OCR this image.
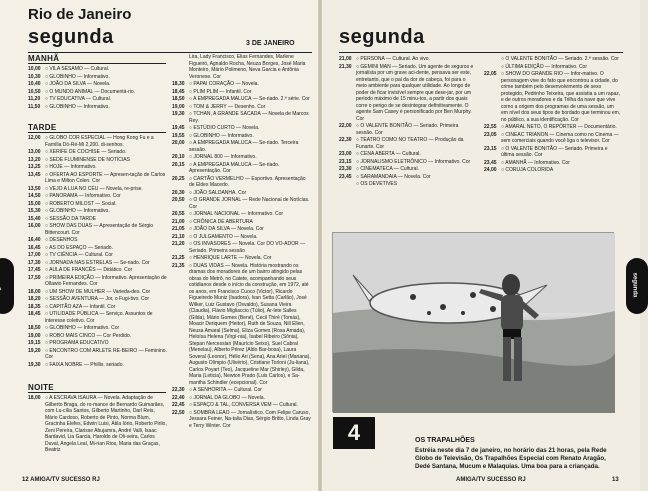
Rio de Janeiro
segunda	3 DE JANEIRO
MANHÃ
10,00 ○ VILA SÉSAMO — Cultural.
10,30 ○ GLOBINHO — Informativo.
10,40 ○ JOÃO DA SILVA — Novela.
10,50 ○ O MUNDO ANIMAL — Documentá-rio.
11,20 ○ TV EDUCATIVA — Cultural.
11,50 ○ GLOBINHO — Informativo.
TARDE
12,00 ○ GLOBO COR ESPECIAL — Hong Kong Fu e a Família Dó-Ré-Mi 2,200. di-senhos.
13,00 ○ XERIFE DE COCHISE — Seriado.
13,20 ○ SEDE FLUMINENSE DE NOTÍCIAS
13,25 ○ HOJE — Informativo.
13,45 ○ OFERTA AO ESPORTE — Apresen-tação de Carlos Lima e Milton Colen. Cor
13,50 ○ VEJO A LUA NO CÉU — Novela, re-prise.
14,50 ○ PANORAMA — Informativo. Cor
15,00 ○ ROBERTO MILOST — Social.
15,30 ○ GLOBINHO — Informativo.
15,40 ○ SESSÃO DA TARDE
16,00 ○ SHOW DAS DUAS — Apresentação de Sérgio Bittencourt. Cor
16,40 ○ DESENHOS
16,45 ○ AS DO ESPAÇO — Seriado.
17,00 ○ TV CIÊNCIA — Cultural. Cor
17,30 ○ JORNADA NAS ESTRELAS — Se-riado. Cor
17,45 ○ AULA DE FRANCÊS — Didático. Cor
17,50 ○ PRIMEIRA EDIÇÃO — Informativo. Apresentação de Ollawio Fernandes. Cor
18,00 ○ UM SHOW DE MULHER — Varieda-des. Cor
18,20 ○ SESSÃO AVENTURA — Jor, o Fugi-tivo. Cor
18,35 ○ CAPITÃO AZA — Infantil. Cor
18,45 ○ UTILIDADE PÚBLICA — Serviço. Assuntos de interesse coletivo. Cor
18,50 ○ GLOBINHO — Informativo. Cor
19,00 ○ ROBO MAIS CINCO — Cor Perdido.
19,15 ○ PROGRAMA EDUCATIVO
19,20 ○ ENCONTRO COM ARLETE RE-BEIRO — Feminino. Cor
19,30 ○ FAIXA NOBRE — Phillis. seriado.
NOITE
18,00 ○ A ESCRAVA ISAURA — Novela. Adaptação de Gilberto Braga, do ro-mance de Bernardo Guimarães, com Lu-cília Santos, Gilberto Martinho, Darl Reis, Mário Cardoso, Roberto de Pinto, Norma Blum, Gracinha Elefes, Edwin Luisi, Átila Iório, Roberto Pirilo, Zeni Pereira, Clarisse Abujamra, André Valli, Isaac Bardavid, Lia Garcia, Haroldo de Oli-veira, Carlos Duval, Angela Leal, Mi-rian Rios, Maria das Graças, Beatriz
Lira, Lady Francisco, Elias Fernandes, Marlene Figueiró, Agnaldo Rocha, Neuza Borges, José Maria Monteiro, Mário Polimeno, Neva Garcia e Antônia Veronese. Cor
18,30 ○ PAPAI CORAÇÃO — Novela.
18,45 ○ PLIM PLIM — Infantil. Cor
18,50 ○ A EMPREGADA MALUCA — Se-riado. 2.ª série. Cor
19,00 ○ TOM & JERRY — Desenho. Cor
19,30 ○ TCHAN, A GRANDE SACADA — Novela de Marcos Rey.
19,45 ○ ESTÚDIO CURTO — Novela.
19,55 ○ GLOBINHO — Informativo.
20,00 ○ A EMPREGADA MALUCA — Se-riado. Terceira sessão.
20,10 ○ JORNAL 800 — Informativo.
20,15 ○ A EMPREGADA MALUCA — Se-riado. Apresentação. Cor
20,25 ○ CARTÃO VERMELHO — Esportivo. Apresentação de Eldes Macedo.
20,30 ○ JOÃO SALDANHA. Cor
20,50 ○ O GRANDE JORNAL — Rede Nacional de Notícias. Cor
20,55 ○ JORNAL NACIONAL — Informativo. Cor
21,00 ○ CRÔNICA DE ABERTURA
21,05 ○ JOÃO DA SILVA — Novela. Cor
21,10 ○ O JULGAMENTO — Novela.
21,20 ○ OS INVASORES — Novela. Cor DO VO-ADOR — Seriado. Primeira sessão
21,25 ○ HENRIQUE LARTE — Novela. Cor
21,35 ○ DUAS VIDAS — Novela. História mostrando os dramas dos moradores de um bairro atingido pelas obras do Metrô, no Catete, acompanhando seus cotidianos desde o início da construção, em 1972, até os anos, em Francisco Cuoco (Victor), Ricardo Figueiredo Muniz (Isadora), Ivan Setta (Carlão), José Wilker, Luiz Gustavo (Osvaldo), Susana Vieira (Claudia), Flávio Migliaccio (Túlio), Ar-lete Salles (Gilda), Mário Gomes (Bené), Cecil Thiré (Tomás), Moacir Deriquem (Heitor), Ruth de Souza, Nill Ellen, Neusa Amaral (Selma), Eliza Gomes (Rosa Amada), Heloísa Helena (Virgí-nia), Isabel Ribeiro (Sônia), Stepan Nercessian (Maurício Seixo), Suel Cabral (Menelau), Alberto Pérez (Aldo Bar-bosa), Laura Soveral (Leonor), Hélio Ari (Sena), Ana Ariel (Mariana), Augusto Olímpio (Ulivério), Cristiane Torloni (Ju-liana), Carlos Poyart (Teo), Jacqueline Mar (Shirley), Gilda, Maria (Leticia), Newton Prado (Luis Carlos), e Sa-mantha Schindler (ecepcional). Cor
22,30 ○ A SENHORITA — Cultural. Cor
22,40 ○ JORNAL DA GLOBO — Novela.
22,45 ○ ESPAÇO & TAL, CONVERSA VEM — Cultural.
22,50 ○ SOMBRA LEAO — Jornalístico. Com Felipe Caruso, Jessara Feiner, Na-talia Dias, Sérgio Britto, Linda Gray e Terry Winter. Cor
12 AMIGA/TV SUCESSO RJ
segunda
21,00 ○ PERSONA — Cultural. Ao vivo.
21,30 ○ GEMINI MAN — Seriado. Um agente de seguros e jornalista por um grave aci-dente, pensava ser este, entretanto, que o pai da dor de cabeça, foi para o meio ambiente para qualquer utilidade. Ao longo de poder de ficar invisível sempre que dese-jar, por um período máximo de 15 minu-tos, a partir dos quais corre o perigo de se desintegrar definitivamente. O agente Sam Casey é personificado por Ben Murphy. Cor
22,00 ○ O VALENTE BONITÃO — Seriado. Primeira sessão. Cor
22,30 ○ TEATRO COMO NO TEATRO — Produção da Funarte. Cor
23,00 ○ CENA ABERTA — Cultural.
23,15 ○ JORNALISMO ELETRÔNICO — Informativo. Cor
23,30 ○ CINEMATECA — Cultural.
23,45 ○ SARAMANDAIA — Novela. Cor
○ OS DEVETIVES
○ O VALENTE BONITÃO — Seriado. 2.ª sessão. Cor
○ ÚLTIMA EDIÇÃO — Informativo. Cor
22,05 ○ SHOW DO GRANDE RIO — Infor-mativo. O personagem vive do fato que encontrou a cidade, do crime também pelo desenvolvimento de sexo protegido, Pedrinho Teixeira, que assistia a um rapaz, e de outros moradores e da Trilha da nave que vive como a origem dos programas de uma sessão, um em nível dos seus tipos de bordado que terminou em, no público, a sua identificação. Cor
22,55 ○ AMARAL NETO, O REPÓRTER — Documentário.
23,05 ○ CINEAC TRIANON — Cinema como no Cinema — sem comerciais quando você liga o televisor. Cor
23,15 ○ O VALENTE BONITÃO — Seriado. Primeira e última sessão. Cor
23,45 ○ AMANHÃ — Informativo. Cor
24,00 ○ CORUJA COLORIDA
segunda
AMIGA/TV SUCESSO RJ	13
4	OS TRAPALHÕES
Estréia neste dia 7 de janeiro, no horário das 21 horas, pela Rede Globo de Televisão, Os Trapalhões Especial com Renato Aragão, Dedé Santana, Mucum e Malaquias. Uma boa para a criançada.
